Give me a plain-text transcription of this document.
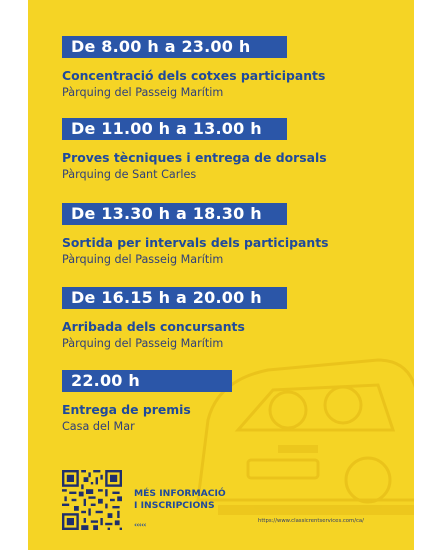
De 8.00 h a 23.00 h
Concentració dels cotxes participants
Pàrquing del Passeig Marítim
De 11.00 h a 13.00 h
Proves tècniques i entrega de dorsals
Pàrquing de Sant Carles
De 13.30 h a 18.30 h
Sortida per intervals dels participants
Pàrquing del Passeig Marítim
De 16.15 h a 20.00 h
Arribada dels concursants
Pàrquing del Passeig Marítim
22.00 h
Entrega de premis
Casa del Mar
MÉS INFORMACIÓ
I INSCRIPCIONS
‹‹‹‹‹	https://www.classicrentservices.com/ca/
